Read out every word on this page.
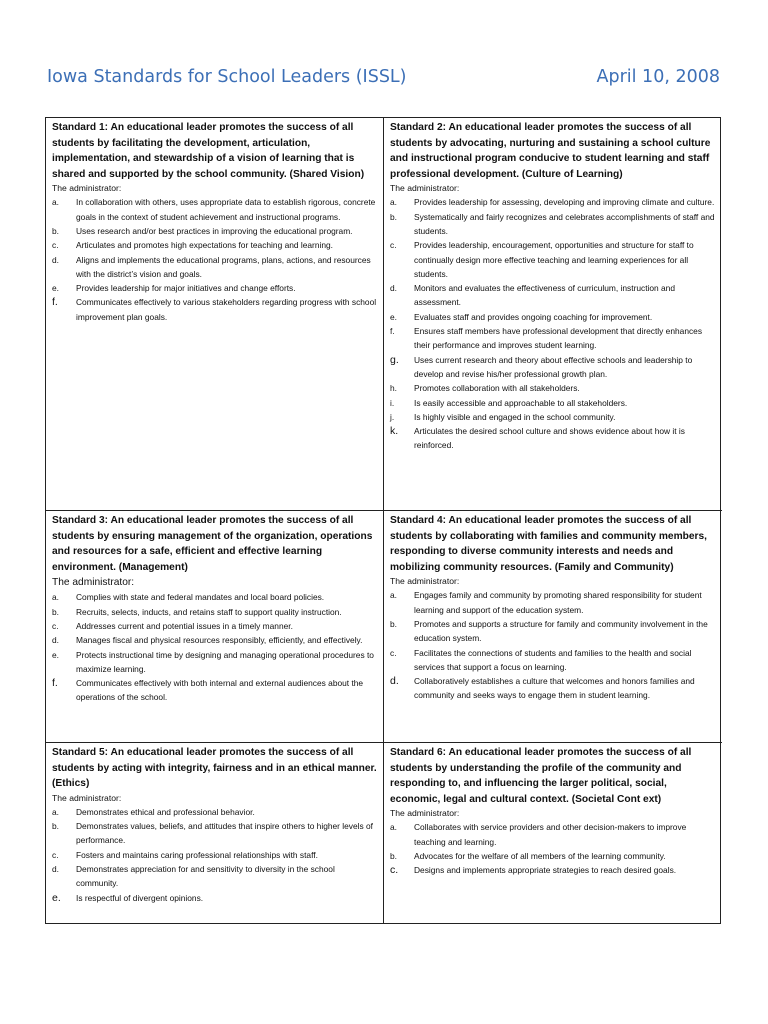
Iowa Standards for School Leaders (ISSL)	April 10, 2008

Standard 1: An educational leader promotes the success of all students by facilitating the development, articulation, implementation, and stewardship of a vision of learning that is shared and supported by the school community. (Shared Vision)

The administrator:

a.	In collaboration with others, uses appropriate data to establish rigorous, concrete goals in the context of student achievement and instructional programs.
b.	Uses research and/or best practices in improving the educational program.
c.	Articulates and promotes high expectations for teaching and learning.
d.	Aligns and implements the educational programs, plans, actions, and resources with the district’s vision and goals.
e.	Provides leadership for major initiatives and change efforts.
f.	Communicates effectively to various stakeholders regarding progress with school improvement plan goals.

Standard 2: An educational leader promotes the success of all students by advocating, nurturing and sustaining a school culture and instructional program conducive to student learning and staff professional development. (Culture of Learning)

The administrator:

a.	Provides leadership for assessing, developing and improving climate and culture.
b.	Systematically and fairly recognizes and celebrates accomplishments of staff and students.
c.	Provides leadership, encouragement, opportunities and structure for staff to continually design more effective teaching and learning experiences for all students.
d.	Monitors and evaluates the effectiveness of curriculum, instruction and assessment.
e.	Evaluates staff and provides ongoing coaching for improvement.
f.	Ensures staff members have professional development that directly enhances their performance and improves student learning.
g.	Uses current research and theory about effective schools and leadership to develop and revise his/her professional growth plan.
h.	Promotes collaboration with all stakeholders.
i.	Is easily accessible and approachable to all stakeholders.
j.	Is highly visible and engaged in the school community.
k.	Articulates the desired school culture and shows evidence about how it is reinforced.

Standard 3: An educational leader promotes the success of all students by ensuring management of the organization, operations and resources for a safe, efficient and effective learning environment. (Management)

The administrator:

a.	Complies with state and federal mandates and local board policies.
b.	Recruits, selects, inducts, and retains staff to support quality instruction.
c.	Addresses current and potential issues in a timely manner.
d.	Manages fiscal and physical resources responsibly, efficiently, and effectively.
e.	Protects instructional time by designing and managing operational procedures to maximize learning.
f.	Communicates effectively with both internal and external audiences about the operations of the school.

Standard 4: An educational leader promotes the success of all students by collaborating with families and community members, responding to diverse community interests and needs and mobilizing community resources. (Family and Community)

The administrator:

a.	Engages family and community by promoting shared responsibility for student learning and support of the education system.
b.	Promotes and supports a structure for family and community involvement in the education system.
c.	Facilitates the connections of students and families to the health and social services that support a focus on learning.
d.	Collaboratively establishes a culture that welcomes and honors families and community and seeks ways to engage them in student learning.

Standard 5: An educational leader promotes the success of all students by acting with integrity, fairness and in an ethical manner. (Ethics)

The administrator:

a.	Demonstrates ethical and professional behavior.
b.	Demonstrates values, beliefs, and attitudes that inspire others to higher levels of performance.
c.	Fosters and maintains caring professional relationships with staff.
d.	Demonstrates appreciation for and sensitivity to diversity in the school community.
e.	Is respectful of divergent opinions.

Standard 6: An educational leader promotes the success of all students by understanding the profile of the community and responding to, and influencing the larger political, social, economic, legal and cultural context. (Societal Cont ext)

The administrator:

a.	Collaborates with service providers and other decision-makers to improve teaching and learning.
b.	Advocates for the welfare of all members of the learning community.
c.	Designs and implements appropriate strategies to reach desired goals.
